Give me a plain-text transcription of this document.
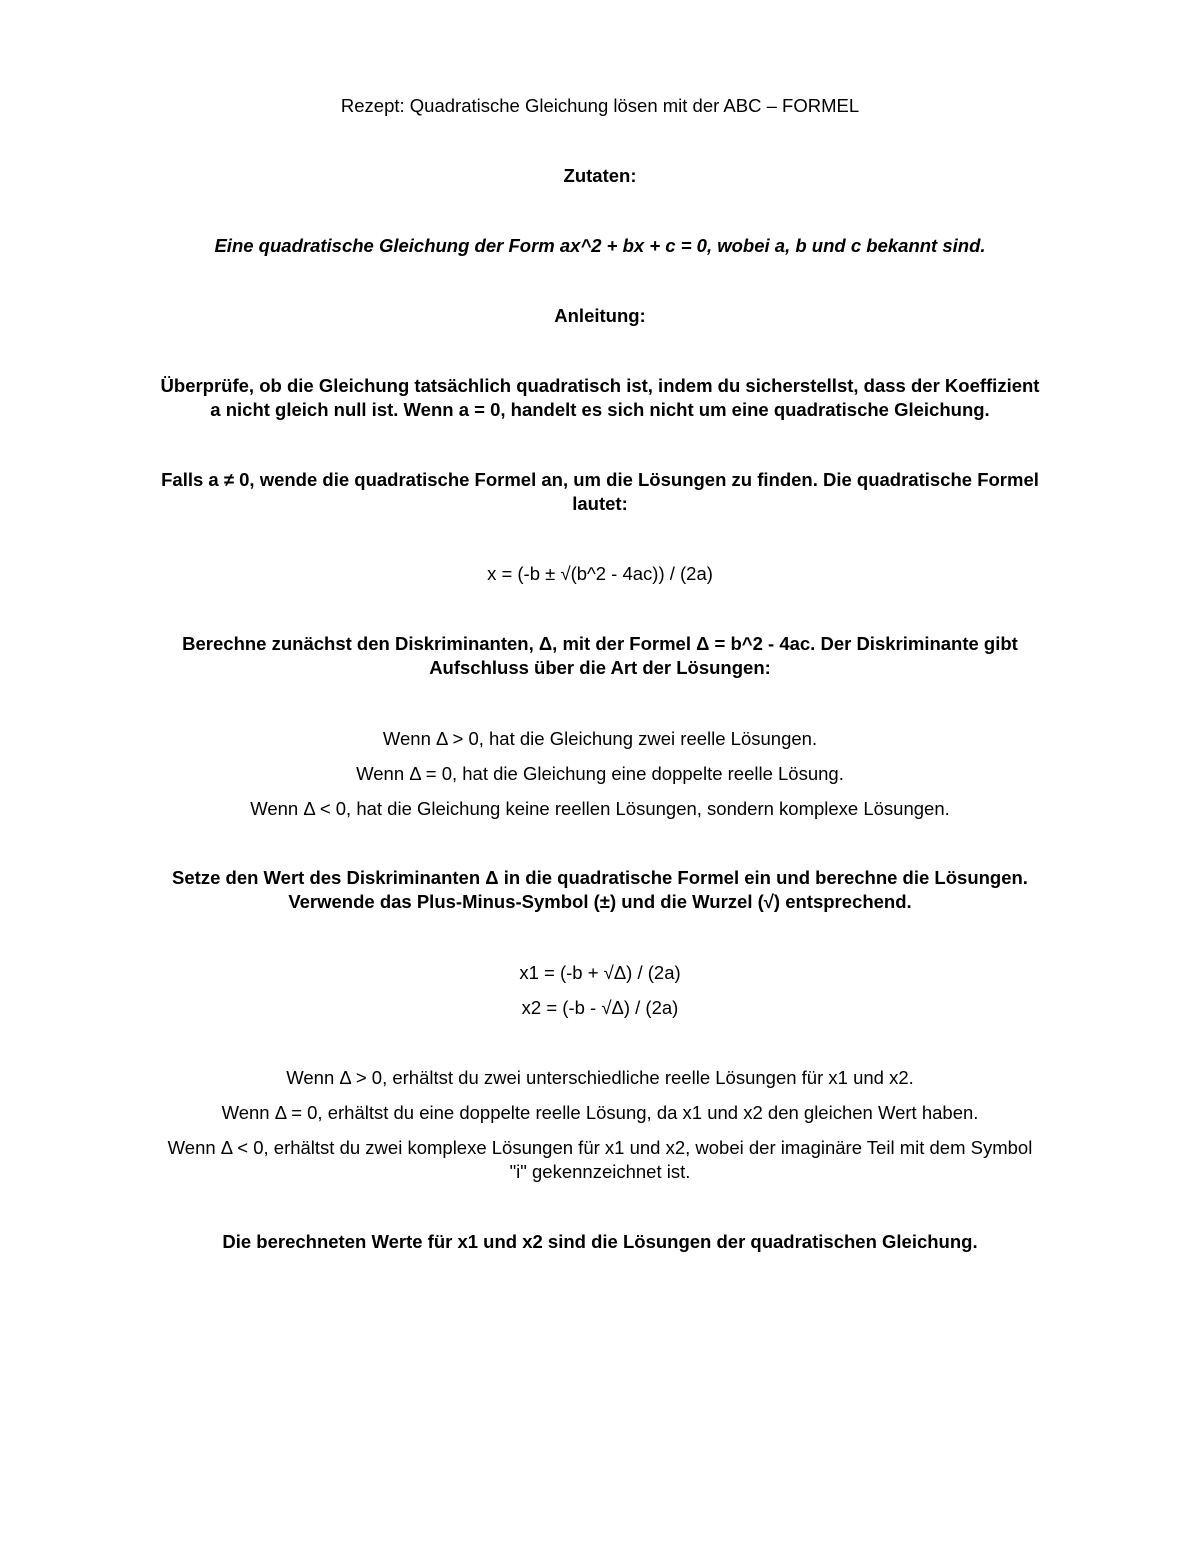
Rezept: Quadratische Gleichung lösen mit der ABC – FORMEL
Zutaten:
Eine quadratische Gleichung der Form ax^2 + bx + c = 0, wobei a, b und c bekannt sind.
Anleitung:
Überprüfe, ob die Gleichung tatsächlich quadratisch ist, indem du sicherstellst, dass der Koeffizient
a nicht gleich null ist. Wenn a = 0, handelt es sich nicht um eine quadratische Gleichung.
Falls a ≠ 0, wende die quadratische Formel an, um die Lösungen zu finden. Die quadratische Formel
lautet:
x = (-b ± √(b^2 - 4ac)) / (2a)
Berechne zunächst den Diskriminanten, Δ, mit der Formel Δ = b^2 - 4ac. Der Diskriminante gibt
Aufschluss über die Art der Lösungen:
Wenn Δ > 0, hat die Gleichung zwei reelle Lösungen.
Wenn Δ = 0, hat die Gleichung eine doppelte reelle Lösung.
Wenn Δ < 0, hat die Gleichung keine reellen Lösungen, sondern komplexe Lösungen.
Setze den Wert des Diskriminanten Δ in die quadratische Formel ein und berechne die Lösungen.
Verwende das Plus-Minus-Symbol (±) und die Wurzel (√) entsprechend.
x1 = (-b + √Δ) / (2a)
x2 = (-b - √Δ) / (2a)
Wenn Δ > 0, erhältst du zwei unterschiedliche reelle Lösungen für x1 und x2.
Wenn Δ = 0, erhältst du eine doppelte reelle Lösung, da x1 und x2 den gleichen Wert haben.
Wenn Δ < 0, erhältst du zwei komplexe Lösungen für x1 und x2, wobei der imaginäre Teil mit dem Symbol
"i" gekennzeichnet ist.
Die berechneten Werte für x1 und x2 sind die Lösungen der quadratischen Gleichung.
